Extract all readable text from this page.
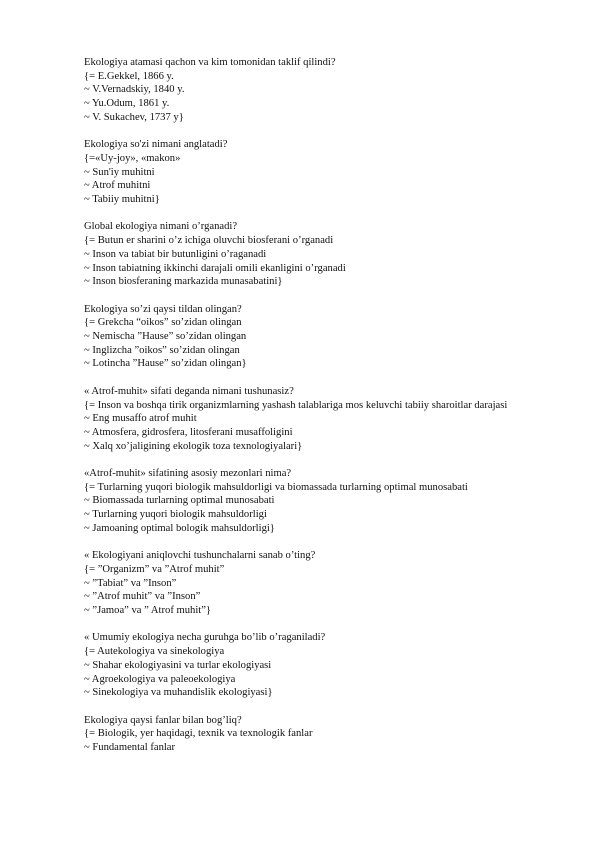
Ekologiya atamasi qachon va kim tomonidan taklif qilindi?
{= E.Gekkel, 1866 y.
~ V.Vernadskiy, 1840 y.
~ Yu.Odum, 1861 y.
~ V. Sukachev, 1737 y}
Ekologiya so'zi nimani anglatadi?
{=«Uy-joy», «makon»
~ Sun'iy muhitni
~ Atrof muhitni
~ Tabiiy muhitni}
Global ekologiya nimani o’rganadi?
{= Butun er sharini o’z ichiga oluvchi biosferani o’rganadi
~ Inson va tabiat bir butunligini o’raganadi
~ Inson tabiatning ikkinchi darajali omili ekanligini o’rganadi
~ Inson biosferaning markazida munasabatini}
Ekologiya so’zi qaysi tildan olingan?
{= Grekcha “oikos” so’zidan olingan
~ Nemischa ”Hause” so’zidan olingan
~ Inglizcha ”oikos” so’zidan olingan
~ Lotincha ”Hause” so’zidan olingan}
« Atrof-muhit» sifati deganda nimani tushunasiz?
{= Inson va boshqa tirik organizmlarning yashash talablariga mos keluvchi tabiiy sharoitlar darajasi
~ Eng musaffo atrof muhit
~ Atmosfera, gidrosfera, litosferani musaffoligini
~ Xalq xo’jaligining ekologik toza texnologiyalari}
«Atrof-muhit» sifatining asosiy mezonlari nima?
{= Turlarning yuqori biologik mahsuldorligi va biomassada turlarning optimal munosabati
~ Biomassada turlarning optimal munosabati
~ Turlarning yuqori biologik mahsuldorligi
~ Jamoaning optimal bologik mahsuldorligi}
« Ekologiyani aniqlovchi tushunchalarni sanab o’ting?
{= ”Organizm” va ”Atrof muhit”
~ ”Tabiat” va ”Inson”
~ ”Atrof muhit” va ”Inson”
~ ”Jamoa” va ” Atrof muhit”}
« Umumiy ekologiya necha guruhga bo’lib o’raganiladi?
{= Autekologiya va sinekologiya
~ Shahar ekologiyasini va turlar ekologiyasi
~ Agroekologiya va paleoekologiya
~ Sinekologiya va muhandislik ekologiyasi}
Ekologiya qaysi fanlar bilan bog’liq?
{= Biologik, yer haqidagi, texnik va texnologik fanlar
~ Fundamental fanlar
